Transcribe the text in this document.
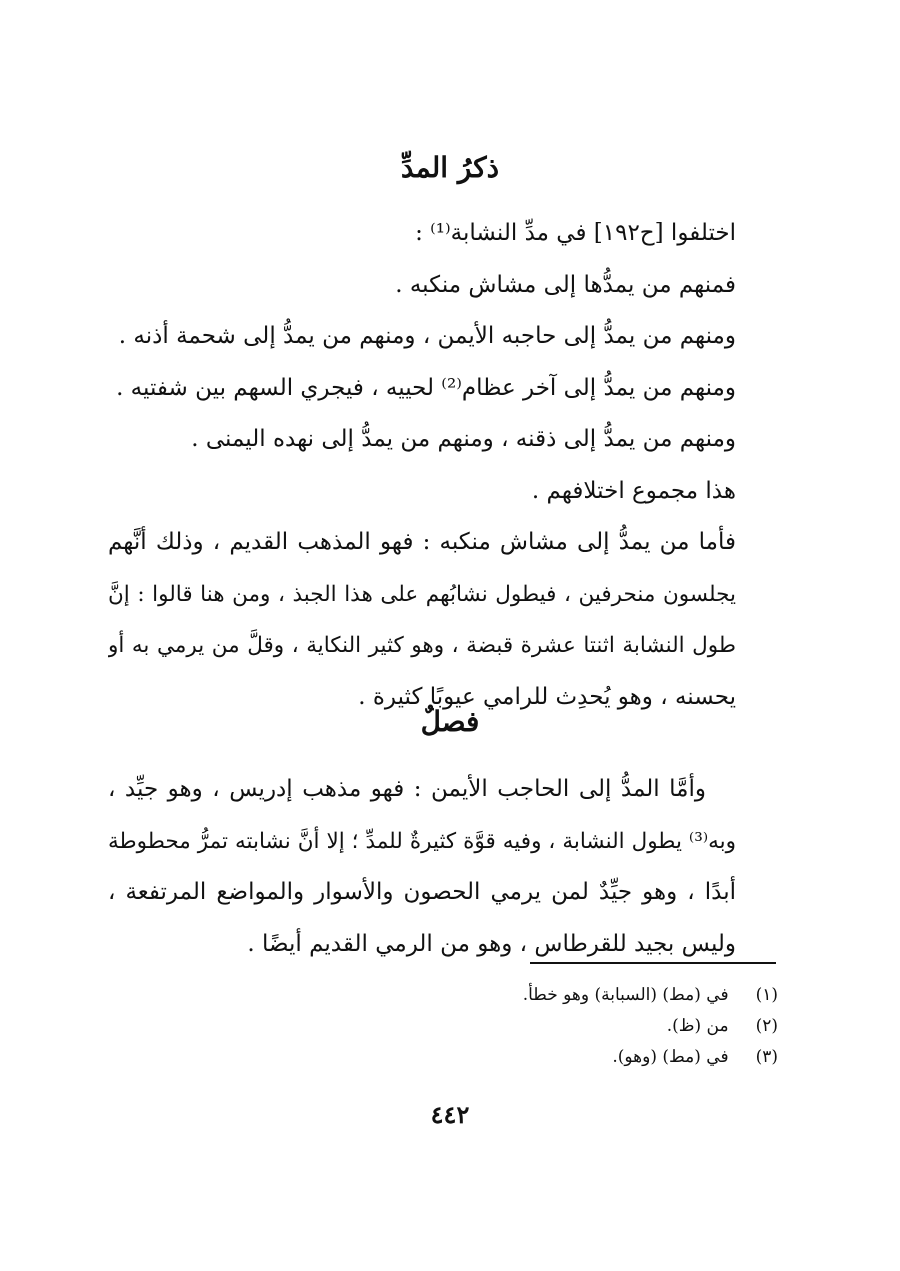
ذكرُ المدِّ
اختلفوا [ح١٩٢] في مدِّ النشابة⁽¹⁾ :
فمنهم من يمدُّها إلى مشاش منكبه .
ومنهم من يمدُّ إلى حاجبه الأيمن ، ومنهم من يمدُّ إلى شحمة أذنه .
ومنهم من يمدُّ إلى آخر عظام⁽²⁾ لحييه ، فيجري السهم بين شفتيه .
ومنهم من يمدُّ إلى ذقنه ، ومنهم من يمدُّ إلى نهده اليمنى .
هذا مجموع اختلافهم .
فأما من يمدُّ إلى مشاش منكبه : فهو المذهب القديم ، وذلك أنَّهم
يجلسون منحرفين ، فيطول نشابُهم على هذا الجبذ ، ومن هنا قالوا : إنَّ
طول النشابة اثنتا عشرة قبضة ، وهو كثير النكاية ، وقلَّ من يرمي به أو
يحسنه ، وهو يُحدِث للرامي عيوبًا كثيرة .
فصلٌ
وأمَّا المدُّ إلى الحاجب الأيمن : فهو مذهب إدريس ، وهو جيِّد ،
وبه⁽³⁾ يطول النشابة ، وفيه قوَّة كثيرةٌ للمدِّ ؛ إلا أنَّ نشابته تمرُّ محطوطة
أبدًا ، وهو جيِّدٌ لمن يرمي الحصون والأسوار والمواضع المرتفعة ،
وليس بجيد للقرطاس ، وهو من الرمي القديم أيضًا .
(١) في (مط) (السبابة) وهو خطأ.
(٢) من (ظ).
(٣) في (مط) (وهو).
٤٤٢
